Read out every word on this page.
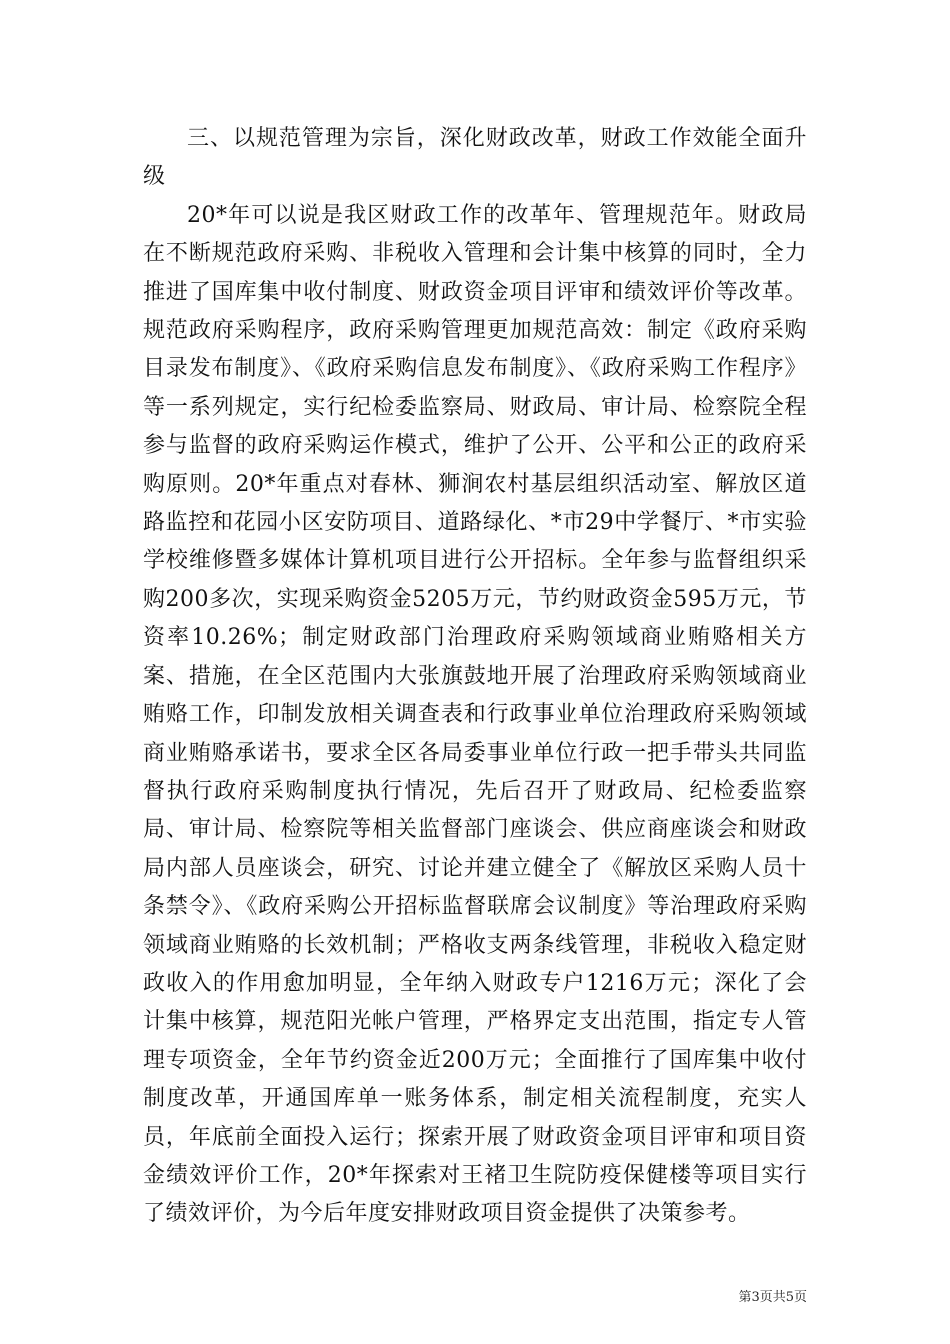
三、以规范管理为宗旨，深化财政改革，财政工作效能全面升级

20*年可以说是我区财政工作的改革年、管理规范年。财政局在不断规范政府采购、非税收入管理和会计集中核算的同时，全力推进了国库集中收付制度、财政资金项目评审和绩效评价等改革。规范政府采购程序，政府采购管理更加规范高效：制定《政府采购目录发布制度》、《政府采购信息发布制度》、《政府采购工作程序》等一系列规定，实行纪检委监察局、财政局、审计局、检察院全程参与监督的政府采购运作模式，维护了公开、公平和公正的政府采购原则。20*年重点对春林、狮涧农村基层组织活动室、解放区道路监控和花园小区安防项目、道路绿化、*市29中学餐厅、*市实验学校维修暨多媒体计算机项目进行公开招标。全年参与监督组织采购200多次，实现采购资金5205万元，节约财政资金595万元，节资率10.26%；制定财政部门治理政府采购领域商业贿赂相关方案、措施，在全区范围内大张旗鼓地开展了治理政府采购领域商业贿赂工作，印制发放相关调查表和行政事业单位治理政府采购领域商业贿赂承诺书，要求全区各局委事业单位行政一把手带头共同监督执行政府采购制度执行情况，先后召开了财政局、纪检委监察局、审计局、检察院等相关监督部门座谈会、供应商座谈会和财政局内部人员座谈会，研究、讨论并建立健全了《解放区采购人员十条禁令》、《政府采购公开招标监督联席会议制度》等治理政府采购领域商业贿赂的长效机制；严格收支两条线管理，非税收入稳定财政收入的作用愈加明显，全年纳入财政专户1216万元；深化了会计集中核算，规范阳光帐户管理，严格界定支出范围，指定专人管理专项资金，全年节约资金近200万元；全面推行了国库集中收付制度改革，开通国库单一账务体系，制定相关流程制度，充实人员，年底前全面投入运行；探索开展了财政资金项目评审和项目资金绩效评价工作，20*年探索对王褚卫生院防疫保健楼等项目实行了绩效评价，为今后年度安排财政项目资金提供了决策参考。

第3页共5页
